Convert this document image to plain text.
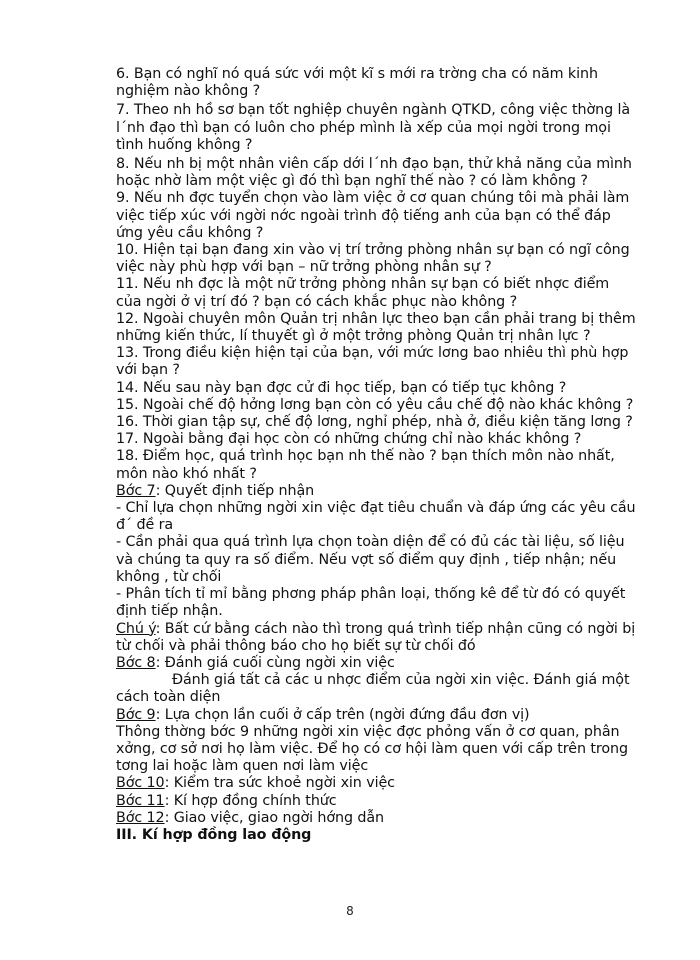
6. Bạn có nghĩ nó quá sức với một kĩ s mới ra trờng cha có năm kinh nghiệm nào không ?

7. Theo nh hồ sơ bạn tốt nghiệp chuyên ngành QTKD, công việc thờng là l´nh đạo thì bạn có luôn cho phép mình là xếp của mọi ngời trong mọi tình huống không ?

8. Nếu nh bị một nhân viên cấp dới l´nh đạo bạn, thử khả năng của mình hoặc nhờ làm một việc gì đó thì bạn nghĩ thế nào ? có làm không ?

9. Nếu nh đợc tuyển chọn vào làm việc ở cơ quan chúng tôi mà phải làm việc tiếp xúc với ngời nớc ngoài trình độ tiếng anh của bạn có thể đáp ứng yêu cầu không ?

10. Hiện tại bạn đang xin vào vị trí trởng phòng nhân sự bạn có ngĩ công việc này phù hợp với bạn – nữ trởng phòng nhân sự ?

11. Nếu nh đợc là một nữ trởng phòng nhân sự bạn có biết nhợc điểm của ngời ở vị trí đó ? bạn có cách khắc phục nào không ?

12. Ngoài chuyên môn Quản trị nhân lực theo bạn cần phải trang bị thêm những kiến thức, lí thuyết gì ở một trởng phòng Quản trị nhân lực ?

13. Trong điều kiện hiện tại của bạn, với mức lơng bao nhiêu thì phù hợp với bạn ?

14. Nếu sau này bạn đợc cử đi học tiếp, bạn có tiếp tục không ?

15. Ngoài chế độ hởng lơng bạn còn có yêu cầu chế độ nào khác không ?

16. Thời gian tập sự, chế độ lơng, nghỉ phép, nhà ở, điều kiện tăng lơng ?

17. Ngoài bằng đại học còn có những chứng chỉ nào khác không ?

18. Điểm học, quá trình học bạn nh thế nào ? bạn thích môn nào nhất, môn nào khó nhất ?

Bớc 7: Quyết định tiếp nhận

- Chỉ lựa chọn những ngời xin việc đạt tiêu chuẩn và đáp ứng các yêu cầu đ´ đề ra

- Cần phải qua quá trình lựa chọn toàn diện để có đủ các tài liệu, số liệu và chúng ta quy ra số điểm. Nếu vợt số điểm quy định , tiếp nhận; nếu không , từ chối

- Phân tích tỉ mỉ bằng phơng pháp phân loại, thống kê để từ đó có quyết định tiếp nhận.

Chú ý: Bất cứ bằng cách nào thì trong quá trình tiếp nhận cũng có ngời bị từ chối và phải thông báo cho họ biết sự từ chối đó

Bớc 8: Đánh giá cuối cùng ngời xin việc

Đánh giá tất cả các u nhợc điểm của ngời xin việc. Đánh giá một cách toàn diện

Bớc 9: Lựa chọn lần cuối ở cấp trên (ngời đứng đầu đơn vị)

Thông thờng bớc 9 những ngời xin việc đợc phỏng vấn ở cơ quan, phân xởng, cơ sở nơi họ làm việc. Để họ có cơ hội làm quen với cấp trên trong tơng lai hoặc làm quen nơi làm việc

Bớc 10: Kiểm tra sức khoẻ ngời xin việc

Bớc 11: Kí hợp đồng chính thức

Bớc 12: Giao việc, giao ngời hớng dẫn

III. Kí hợp đồng lao động

8
